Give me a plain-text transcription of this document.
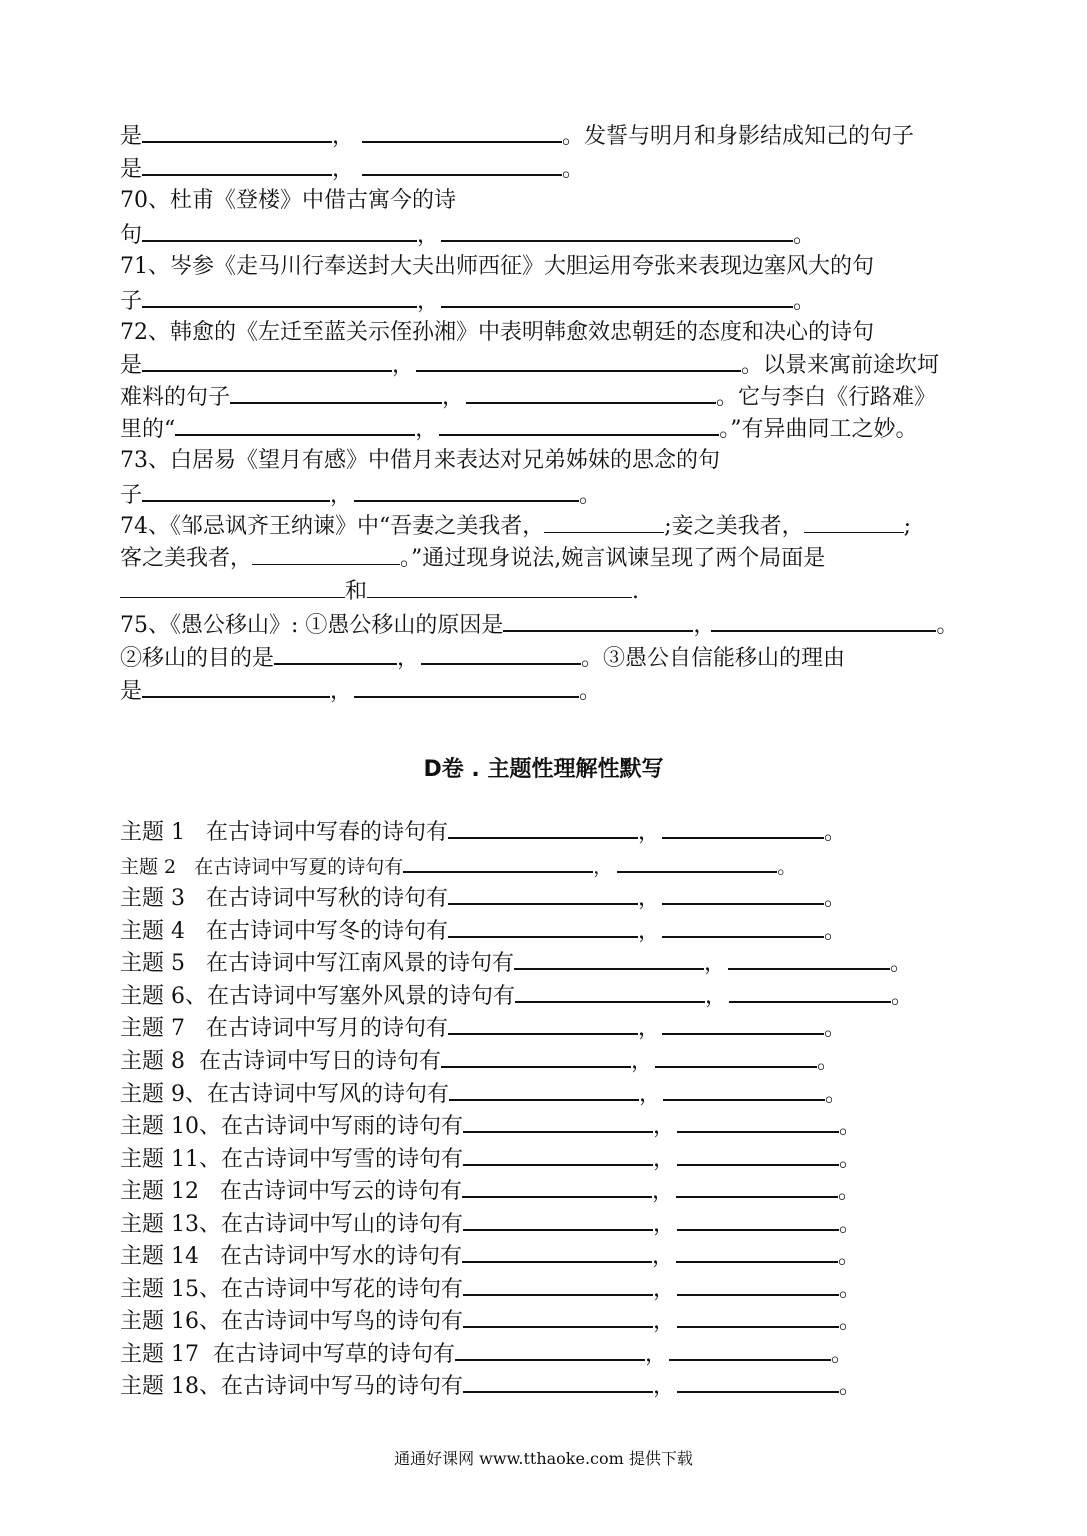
是	，	。发誓与明月和身影结成知己的句子
是	，	。
70、杜甫《登楼》中借古寓今的诗
句	，	。
71、岑参《走马川行奉送封大夫出师西征》大胆运用夸张来表现边塞风大的句
子	，	。
72、韩愈的《左迁至蓝关示侄孙湘》中表明韩愈效忠朝廷的态度和决心的诗句
是	，	。以景来寓前途坎坷
难料的句子	，	。它与李白《行路难》
里的“	，	。”有异曲同工之妙。
73、白居易《望月有感》中借月来表达对兄弟姊妹的思念的句
子	，	。
74、《邹忌讽齐王纳谏》中“吾妻之美我者，	;妾之美我者，	;
客之美我者，	。”通过现身说法,婉言讽谏呈现了两个局面是
和	.
75、《愚公移山》: ①愚公移山的原因是	，	。
②移山的目的是	，	。③愚公自信能移山的理由
是	，	。
D卷 . 主题性理解性默写
主题 1   在古诗词中写春的诗句有	，	。
主题 2   在古诗词中写夏的诗句有	，	。
主题 3   在古诗词中写秋的诗句有	，	。
主题 4   在古诗词中写冬的诗句有	，	。
主题 5   在古诗词中写江南风景的诗句有	，	。
主题 6、在古诗词中写塞外风景的诗句有	，	。
主题 7   在古诗词中写月的诗句有	，	。
主题 8  在古诗词中写日的诗句有	，	。
主题 9、在古诗词中写风的诗句有	，	。
主题 10、在古诗词中写雨的诗句有	，	。
主题 11、在古诗词中写雪的诗句有	，	。
主题 12   在古诗词中写云的诗句有	，	。
主题 13、在古诗词中写山的诗句有	，	。
主题 14   在古诗词中写水的诗句有	，	。
主题 15、在古诗词中写花的诗句有	，	。
主题 16、在古诗词中写鸟的诗句有	，	。
主题 17  在古诗词中写草的诗句有	，	。
主题 18、在古诗词中写马的诗句有	，	。
通通好课网 www.tthaoke.com 提供下载
